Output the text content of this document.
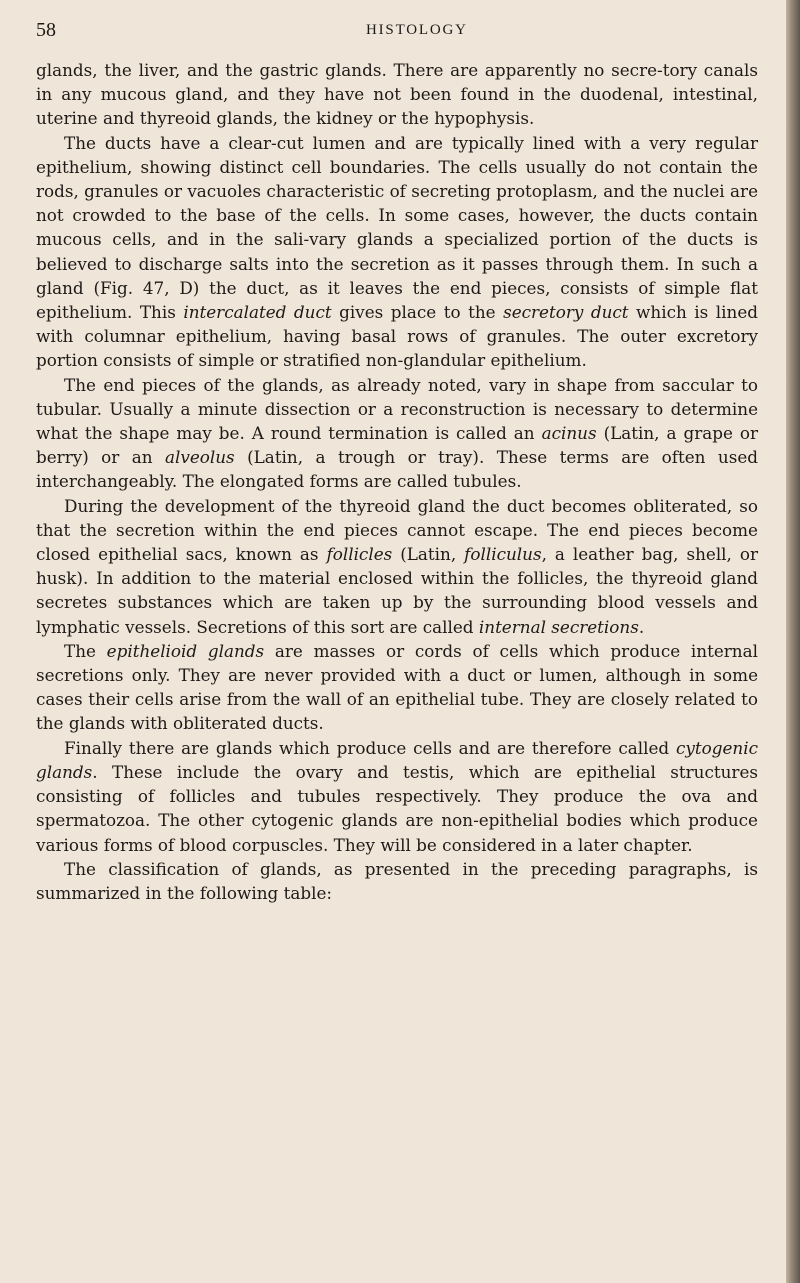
58	HISTOLOGY

glands, the liver, and the gastric glands. There are apparently no secre-tory canals in any mucous gland, and they have not been found in the duodenal, intestinal, uterine and thyreoid glands, the kidney or the hypophysis.

The ducts have a clear-cut lumen and are typically lined with a very regular epithelium, showing distinct cell boundaries. The cells usually do not contain the rods, granules or vacuoles characteristic of secreting protoplasm, and the nuclei are not crowded to the base of the cells. In some cases, however, the ducts contain mucous cells, and in the sali-vary glands a specialized portion of the ducts is believed to discharge salts into the secretion as it passes through them. In such a gland (Fig. 47, D) the duct, as it leaves the end pieces, consists of simple flat epithelium. This intercalated duct gives place to the secretory duct which is lined with columnar epithelium, having basal rows of granules. The outer excretory portion consists of simple or stratified non-glandular epithelium.

The end pieces of the glands, as already noted, vary in shape from saccular to tubular. Usually a minute dissection or a reconstruction is necessary to determine what the shape may be. A round termination is called an acinus (Latin, a grape or berry) or an alveolus (Latin, a trough or tray). These terms are often used interchangeably. The elongated forms are called tubules.

During the development of the thyreoid gland the duct becomes obliterated, so that the secretion within the end pieces cannot escape. The end pieces become closed epithelial sacs, known as follicles (Latin, folliculus, a leather bag, shell, or husk). In addition to the material enclosed within the follicles, the thyreoid gland secretes substances which are taken up by the surrounding blood vessels and lymphatic vessels. Secretions of this sort are called internal secretions.

The epithelioid glands are masses or cords of cells which produce internal secretions only. They are never provided with a duct or lumen, although in some cases their cells arise from the wall of an epithelial tube. They are closely related to the glands with obliterated ducts.

Finally there are glands which produce cells and are therefore called cytogenic glands. These include the ovary and testis, which are epithelial structures consisting of follicles and tubules respectively. They produce the ova and spermatozoa. The other cytogenic glands are non-epithelial bodies which produce various forms of blood corpuscles. They will be considered in a later chapter.

The classification of glands, as presented in the preceding paragraphs, is summarized in the following table:
